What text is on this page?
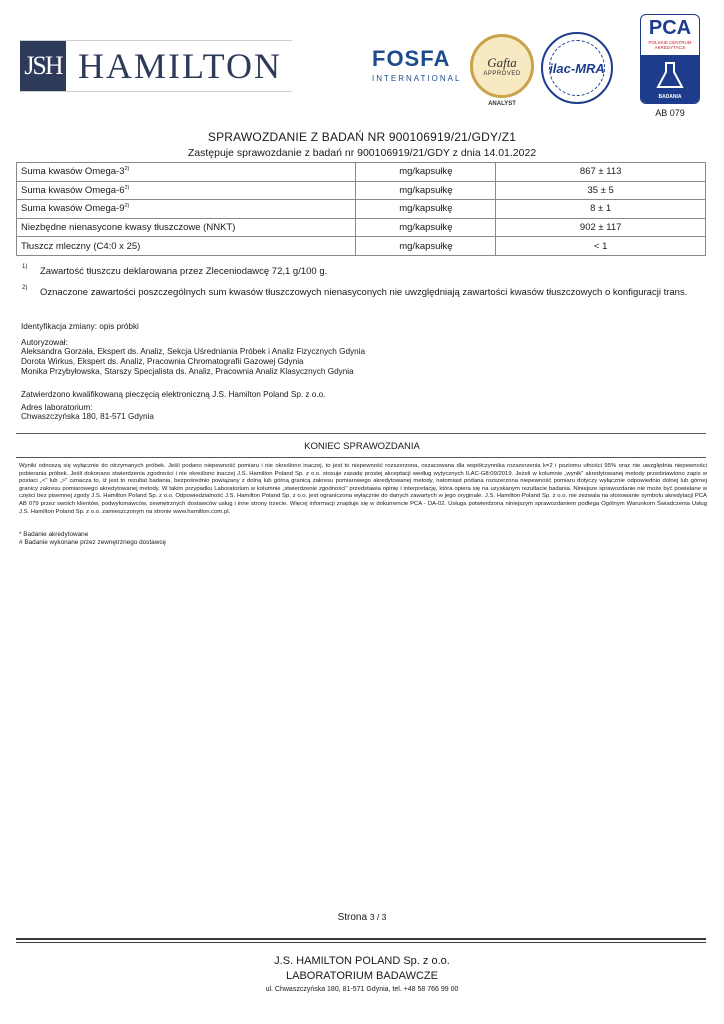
JSH HAMILTON	FOSFA
INTERNATIONAL
Gafta
APPROVED
ANALYST
ilac-MRA
PCA
POLSKIE CENTRUM AKREDYTACJI
BADANIA
AB 079
SPRAWOZDANIE Z BADAŃ NR 900106919/21/GDY/Z1
Zastępuje sprawozdanie z badań nr 900106919/21/GDY z dnia 14.01.2022
Suma kwasów Omega-3$^{2)}$	mg/kapsułkę	867 ± 113
Suma kwasów Omega-6$^{2)}$	mg/kapsułkę	35 ± 5
Suma kwasów Omega-9$^{2)}$	mg/kapsułkę	8 ± 1
Niezbędne nienasycone kwasy tłuszczowe (NNKT)	mg/kapsułkę	902 ± 117
Tłuszcz mleczny (C4:0 x 25)	mg/kapsułkę	< 1
1) Zawartość tłuszczu deklarowana przez Zleceniodawcę 72,1 g/100 g.
2) Oznaczone zawartości poszczególnych sum kwasów tłuszczowych nienasyconych nie uwzględniają zawartości kwasów tłuszczowych o konfiguracji trans.
Identyfikacja zmiany: opis próbki
Autoryzował:
Aleksandra Gorzała, Ekspert ds. Analiz, Sekcja Uśredniania Próbek i Analiz Fizycznych Gdynia
Dorota Wirkus, Ekspert ds. Analiz, Pracownia Chromatografii Gazowej Gdynia
Monika Przybyłowska, Starszy Specjalista ds. Analiz, Pracownia Analiz Klasycznych Gdynia
Zatwierdzono kwalifikowaną pieczęcią elektroniczną J.S. Hamilton Poland Sp. z o.o.
Adres laboratorium:
Chwaszczyńska 180, 81-571 Gdynia
KONIEC SPRAWOZDANIA
Wyniki odnoszą się wyłącznie do otrzymanych próbek. Jeśli podano niepewność pomiaru i nie określono inaczej, to jest to niepewność rozszerzona, oszacowana dla współczynnika rozszerzenia k=2 i poziomu ufności 95% oraz nie uwzględnia niepewności pobierania próbek. Jeśli dokonano stwierdzenia zgodności i nie określono inaczej J.S. Hamilton Poland Sp. z o.o. stosuje zasadę prostej akceptacji według wytycznych ILAC-G8:09/2019. Jeżeli w kolumnie „wynik" akredytowanej metody przedstawiono zapis w postaci „<" lub „>" oznacza to, iż jest to rezultat badania, bezpośrednio powiązany z dolną lub górną granicą zakresu pomiarowego akredytowanej metody, natomiast podana rozszerzona niepewność pomiaru dotyczy wyłącznie odpowiednio dolnej lub górnej granicy zakresu pomiarowego akredytowanej metody. W takim przypadku Laboratorium w kolumnie „stwierdzenie zgodności" przedstawia opinię i interpretację, która opiera się na uzyskanym rezultacie badania. Niniejsze sprawozdanie nie może być powielane w części bez pisemnej zgody J.S. Hamilton Poland Sp. z o.o. Odpowiedzialność J.S. Hamilton Poland Sp. z o.o. jest ograniczona wyłącznie do danych zawartych w jego oryginale. J.S. Hamilton Poland Sp. z o.o. nie zezwala na stosowanie symbolu akredytacji PCA AB 079 przez swoich klientów, podwykonawców, zewnętrznych dostawców usług i inne strony trzecie. Więcej informacji znajduje się w dokumencie PCA - DA-02. Usługa potwierdzona niniejszym sprawozdaniem podlega Ogólnym Warunkom Świadczenia Usług J.S. Hamilton Poland Sp. z o.o. zamieszczonym na stronie www.hamilton.com.pl.
* Badanie akredytowane
# Badanie wykonane przez zewnętrznego dostawcę
Strona 3 / 3
J.S. HAMILTON POLAND Sp. z o.o.
LABORATORIUM BADAWCZE
ul. Chwaszczyńska 180, 81-571 Gdynia, tel. +48 58 766 99 00
